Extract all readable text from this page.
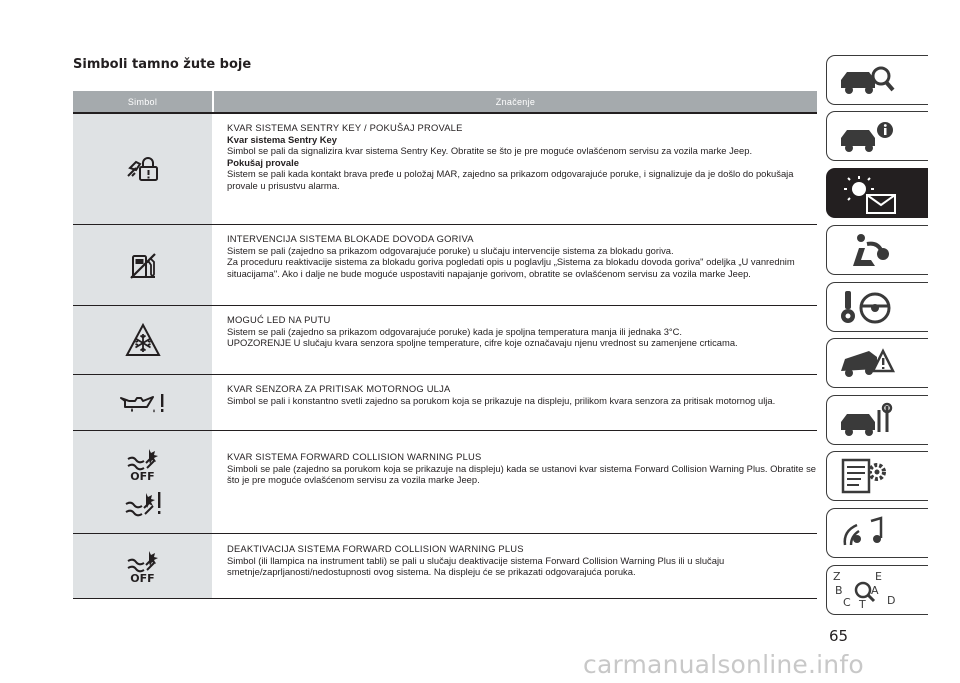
Simboli tamno žute boje
Simbol	Značenje

KVAR SISTEMA SENTRY KEY / POKUŠAJ PROVALE

Kvar sistema Sentry Key

Simbol se pali da signalizira kvar sistema Sentry Key. Obratite se što je pre moguće ovlašćenom servisu za vozila marke Jeep.

Pokušaj provale

Sistem se pali kada kontakt brava pređe u položaj MAR, zajedno sa prikazom odgovarajuće poruke, i signalizuje da je došlo do pokušaja provale u prisustvu alarma.

INTERVENCIJA SISTEMA BLOKADE DOVODA GORIVA

Sistem se pali (zajedno sa prikazom odgovarajuće poruke) u slučaju intervencije sistema za blokadu goriva.

Za proceduru reaktivacije sistema za blokadu goriva pogledati opis u poglavlju „Sistema za blokadu dovoda goriva" odeljka „U vanrednim situacijama". Ako i dalje ne bude moguće uspostaviti napajanje gorivom, obratite se ovlašćenom servisu za vozila marke Jeep.

MOGUĆ LED NA PUTU

Sistem se pali (zajedno sa prikazom odgovarajuće poruke) kada je spoljna temperatura manja ili jednaka 3°C.

UPOZORENJE U slučaju kvara senzora spoljne temperature, cifre koje označavaju njenu vrednost su zamenjene crticama.

KVAR SENZORA ZA PRITISAK MOTORNOG ULJA

Simbol se pali i konstantno svetli zajedno sa porukom koja se prikazuje na displeju, prilikom kvara senzora za pritisak motornog ulja.

OFF

KVAR SISTEMA FORWARD COLLISION WARNING PLUS

Simboli se pale (zajedno sa porukom koja se prikazuje na displeju) kada se ustanovi kvar sistema Forward Collision Warning Plus. Obratite se što je pre moguće ovlašćenom servisu za vozila marke Jeep.

OFF

DEAKTIVACIJA SISTEMA FORWARD COLLISION WARNING PLUS

Simbol (ili llampica na instrument tabli) se pali u slučaju deaktivacije sistema Forward Collision Warning Plus ili u slučaju smetnje/zaprljanosti/nedostupnosti ovog sistema. Na displeju će se prikazati odgovarajuća poruka.	Z	E
B	A
C	D
T
65
carmanualsonline.info
